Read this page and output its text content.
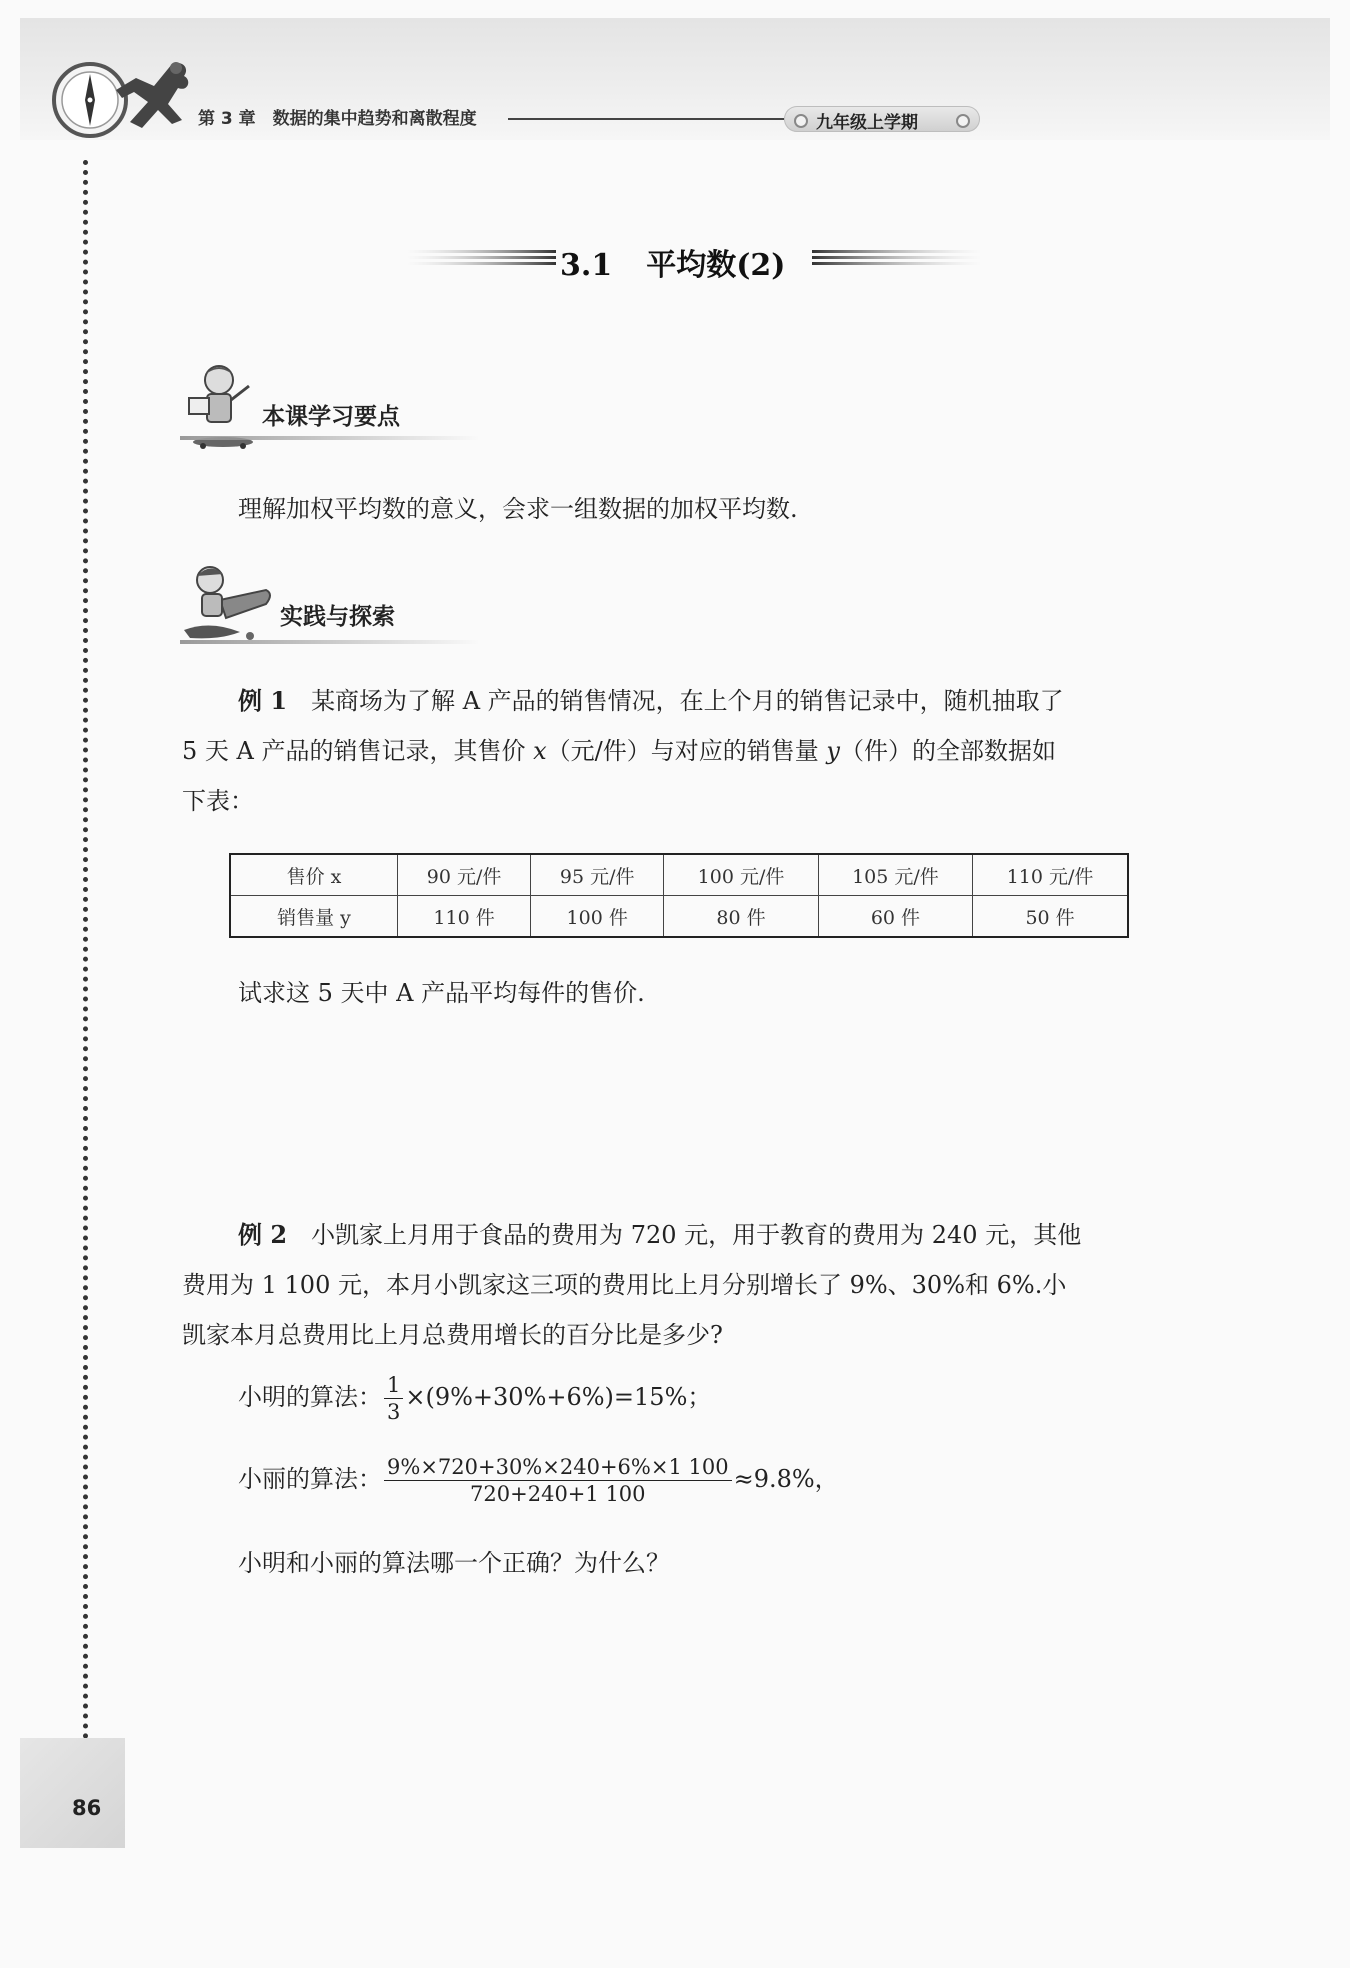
第 3 章　数据的集中趋势和离散程度	九年级上学期
3.1 平均数(2)
本课学习要点
理解加权平均数的意义，会求一组数据的加权平均数.
实践与探索
例 1　 某商场为了解 A 产品的销售情况，在上个月的销售记录中，随机抽取了
5 天 A 产品的销售记录，其售价 x（元/件）与对应的销售量 y（件）的全部数据如
下表：
售价 x	90 元/件	95 元/件	100 元/件	105 元/件	110 元/件
销售量 y	110 件	100 件	80 件	60 件	50 件
试求这 5 天中 A 产品平均每件的售价.
例 2　 小凯家上月用于食品的费用为 720 元，用于教育的费用为 240 元，其他
费用为 1 100 元，本月小凯家这三项的费用比上月分别增长了 9%、30%和 6%.小
凯家本月总费用比上月总费用增长的百分比是多少?
小明的算法： $\frac{1}{3} \times(9\%+30\%+6\%)=15\%$；
小丽的算法： $\frac{9\%\times 720+30\%\times 240+6\%\times 1 100}{720+240+1 100} \approx 9.8\%$，
小明和小丽的算法哪一个正确？为什么？
86
